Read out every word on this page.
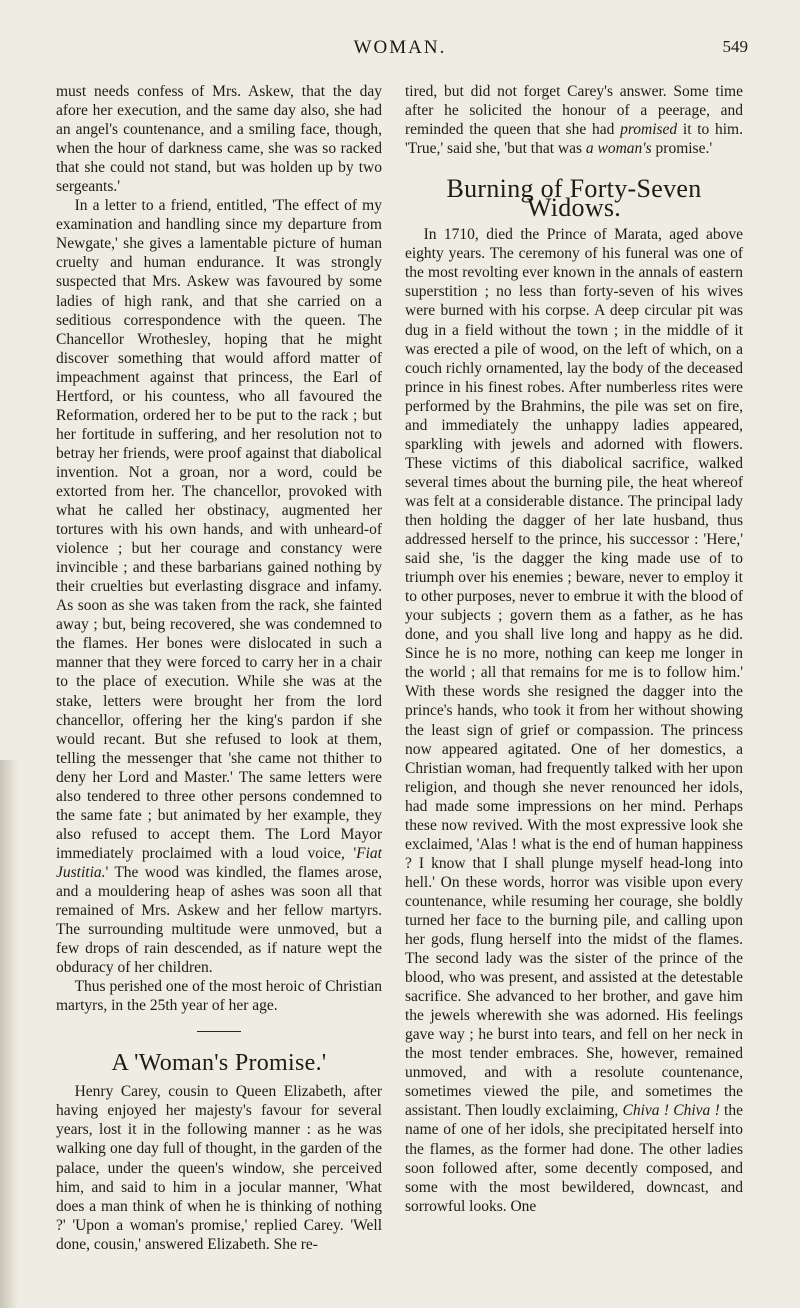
WOMAN.	549

must needs confess of Mrs. Askew, that the day afore her execution, and the same day also, she had an angel's countenance, and a smiling face, though, when the hour of darkness came, she was so racked that she could not stand, but was holden up by two sergeants.'

In a letter to a friend, entitled, 'The effect of my examination and handling since my departure from Newgate,' she gives a lamentable picture of human cruelty and human endurance. It was strongly suspected that Mrs. Askew was favoured by some ladies of high rank, and that she carried on a seditious correspondence with the queen. The Chancellor Wrothesley, hoping that he might discover something that would afford matter of impeachment against that princess, the Earl of Hertford, or his countess, who all favoured the Reformation, ordered her to be put to the rack ; but her fortitude in suffering, and her resolution not to betray her friends, were proof against that diabolical invention. Not a groan, nor a word, could be extorted from her. The chancellor, provoked with what he called her obstinacy, augmented her tortures with his own hands, and with unheard-of violence ; but her courage and constancy were invincible ; and these barbarians gained nothing by their cruelties but everlasting disgrace and infamy. As soon as she was taken from the rack, she fainted away ; but, being recovered, she was condemned to the flames. Her bones were dislocated in such a manner that they were forced to carry her in a chair to the place of execution. While she was at the stake, letters were brought her from the lord chancellor, offering her the king's pardon if she would recant. But she refused to look at them, telling the messenger that 'she came not thither to deny her Lord and Master.' The same letters were also tendered to three other persons condemned to the same fate ; but animated by her example, they also refused to accept them. The Lord Mayor immediately proclaimed with a loud voice, 'Fiat Justitia.' The wood was kindled, the flames arose, and a mouldering heap of ashes was soon all that remained of Mrs. Askew and her fellow martyrs. The surrounding multitude were unmoved, but a few drops of rain descended, as if nature wept the obduracy of her children.

Thus perished one of the most heroic of Christian martyrs, in the 25th year of her age.

A 'Woman's Promise.'

Henry Carey, cousin to Queen Elizabeth, after having enjoyed her majesty's favour for several years, lost it in the following manner : as he was walking one day full of thought, in the garden of the palace, under the queen's window, she perceived him, and said to him in a jocular manner, 'What does a man think of when he is thinking of nothing ?' 'Upon a woman's promise,' replied Carey. 'Well done, cousin,' answered Elizabeth. She re-

tired, but did not forget Carey's answer. Some time after he solicited the honour of a peerage, and reminded the queen that she had promised it to him. 'True,' said she, 'but that was a woman's promise.'

Burning of Forty-Seven Widows.

In 1710, died the Prince of Marata, aged above eighty years. The ceremony of his funeral was one of the most revolting ever known in the annals of eastern superstition ; no less than forty-seven of his wives were burned with his corpse. A deep circular pit was dug in a field without the town ; in the middle of it was erected a pile of wood, on the left of which, on a couch richly ornamented, lay the body of the deceased prince in his finest robes. After numberless rites were performed by the Brahmins, the pile was set on fire, and immediately the unhappy ladies appeared, sparkling with jewels and adorned with flowers. These victims of this diabolical sacrifice, walked several times about the burning pile, the heat whereof was felt at a considerable distance. The principal lady then holding the dagger of her late husband, thus addressed herself to the prince, his successor : 'Here,' said she, 'is the dagger the king made use of to triumph over his enemies ; beware, never to employ it to other purposes, never to embrue it with the blood of your subjects ; govern them as a father, as he has done, and you shall live long and happy as he did. Since he is no more, nothing can keep me longer in the world ; all that remains for me is to follow him.' With these words she resigned the dagger into the prince's hands, who took it from her without showing the least sign of grief or compassion. The princess now appeared agitated. One of her domestics, a Christian woman, had frequently talked with her upon religion, and though she never renounced her idols, had made some impressions on her mind. Perhaps these now revived. With the most expressive look she exclaimed, 'Alas ! what is the end of human happiness ? I know that I shall plunge myself head-long into hell.' On these words, horror was visible upon every countenance, while resuming her courage, she boldly turned her face to the burning pile, and calling upon her gods, flung herself into the midst of the flames. The second lady was the sister of the prince of the blood, who was present, and assisted at the detestable sacrifice. She advanced to her brother, and gave him the jewels wherewith she was adorned. His feelings gave way ; he burst into tears, and fell on her neck in the most tender embraces. She, however, remained unmoved, and with a resolute countenance, sometimes viewed the pile, and sometimes the assistant. Then loudly exclaiming, Chiva ! Chiva ! the name of one of her idols, she precipitated herself into the flames, as the former had done. The other ladies soon followed after, some decently composed, and some with the most bewildered, downcast, and sorrowful looks. One
